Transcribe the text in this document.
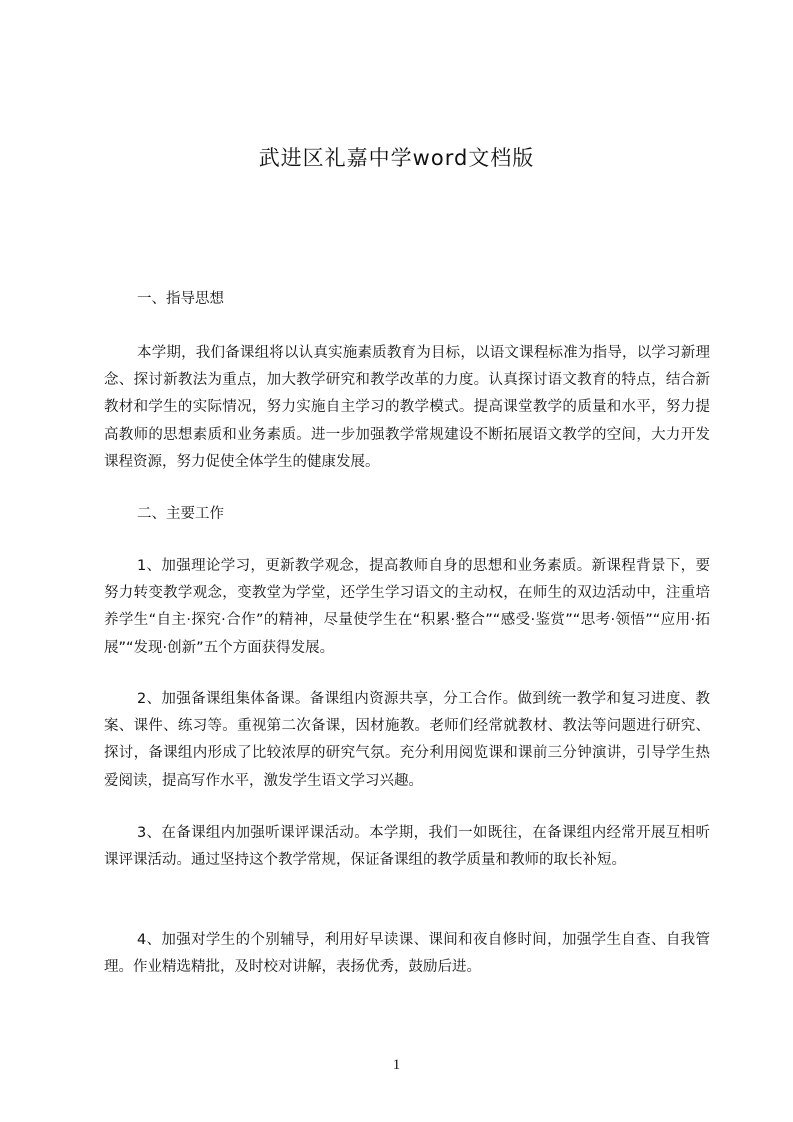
武进区礼嘉中学word文档版
一、指导思想

本学期，我们备课组将以认真实施素质教育为目标，以语文课程标准为指导，以学习新理念、探讨新教法为重点，加大教学研究和教学改革的力度。认真探讨语文教育的特点，结合新教材和学生的实际情况，努力实施自主学习的教学模式。提高课堂教学的质量和水平，努力提高教师的思想素质和业务素质。进一步加强教学常规建设不断拓展语文教学的空间，大力开发课程资源，努力促使全体学生的健康发展。

二、主要工作

1、加强理论学习，更新教学观念，提高教师自身的思想和业务素质。新课程背景下，要努力转变教学观念，变教堂为学堂，还学生学习语文的主动权，在师生的双边活动中，注重培养学生“自主·探究·合作”的精神，尽量使学生在“积累·整合”“感受·鉴赏”“思考·领悟”“应用·拓展”“发现·创新”五个方面获得发展。

2、加强备课组集体备课。备课组内资源共享，分工合作。做到统一教学和复习进度、教案、课件、练习等。重视第二次备课，因材施教。老师们经常就教材、教法等问题进行研究、探讨，备课组内形成了比较浓厚的研究气氛。充分利用阅览课和课前三分钟演讲，引导学生热爱阅读，提高写作水平，激发学生语文学习兴趣。

3、在备课组内加强听课评课活动。本学期，我们一如既往，在备课组内经常开展互相听课评课活动。通过坚持这个教学常规，保证备课组的教学质量和教师的取长补短。

4、加强对学生的个别辅导，利用好早读课、课间和夜自修时间，加强学生自查、自我管理。作业精选精批，及时校对讲解，表扬优秀，鼓励后进。

1
